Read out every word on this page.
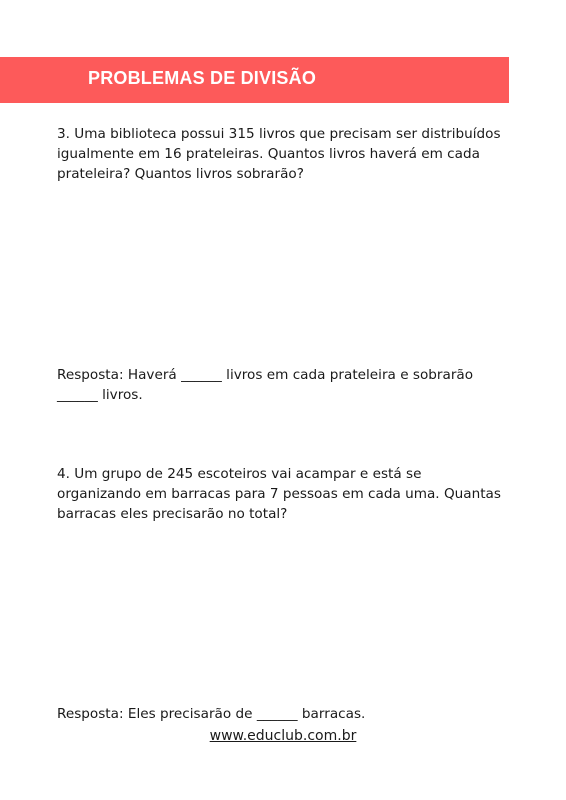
PROBLEMAS DE DIVISÃO
3. Uma biblioteca possui 315 livros que precisam ser distribuídos igualmente em 16 prateleiras. Quantos livros haverá em cada prateleira? Quantos livros sobrarão?
Resposta: Haverá ______ livros em cada prateleira e sobrarão ______ livros.
4. Um grupo de 245 escoteiros vai acampar e está se organizando em barracas para 7 pessoas em cada uma. Quantas barracas eles precisarão no total?
Resposta: Eles precisarão de ______ barracas.
www.educlub.com.br
